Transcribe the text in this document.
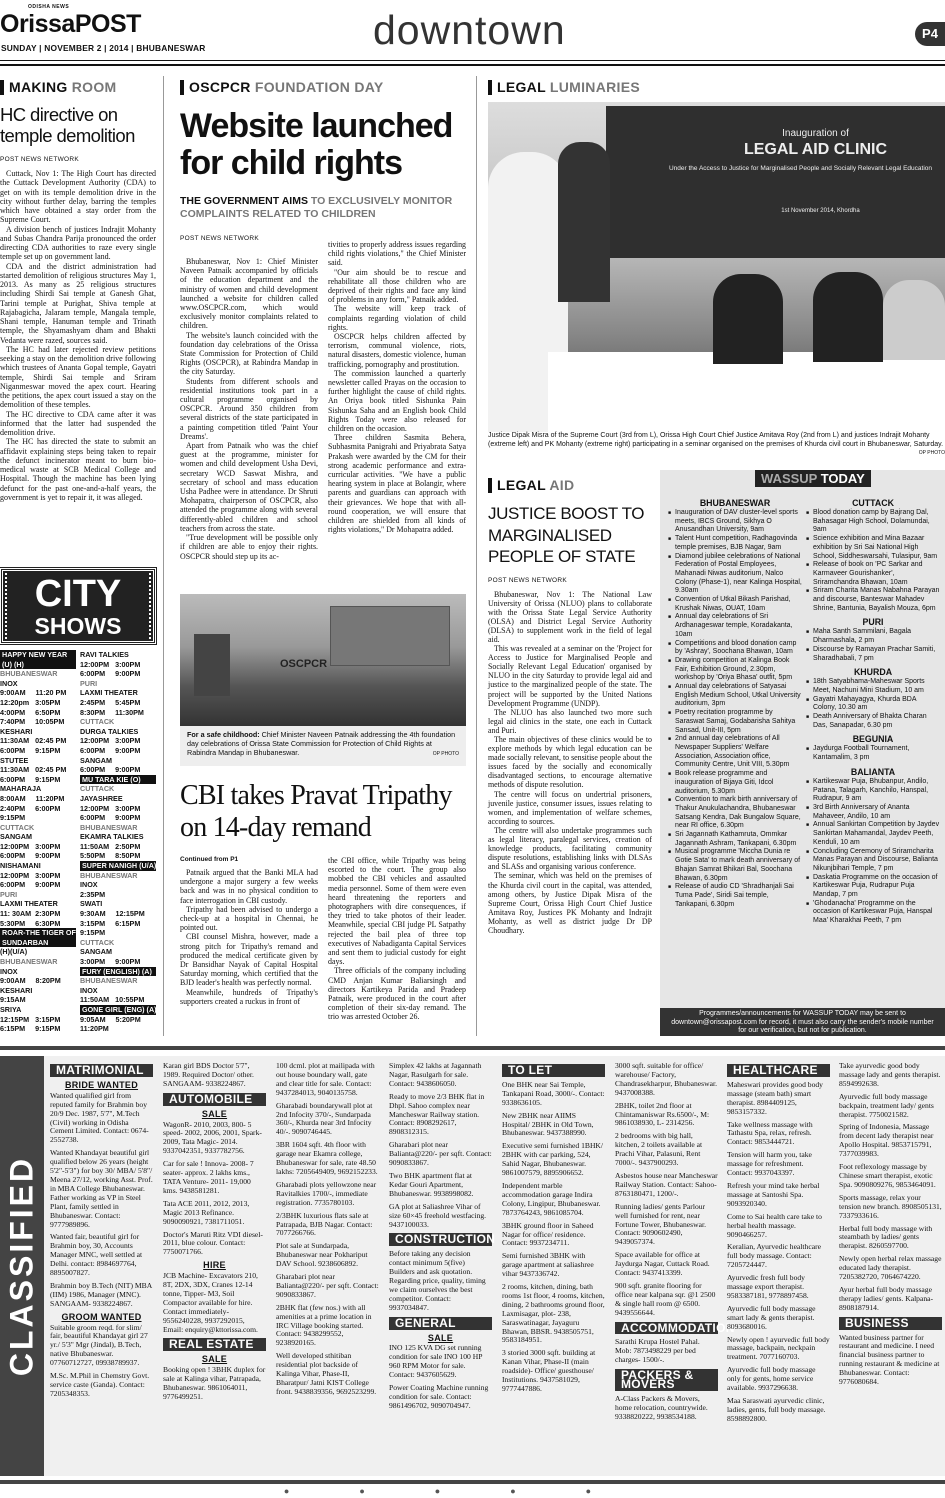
ODISHA NEWS
OrissaPOST
SUNDAY | NOVEMBER 2 | 2014 | BHUBANESWAR	downtown	P4
MAKING ROOM
HC directive on temple demolition
POST NEWS NETWORK

Cuttack, Nov 1: The High Court has directed the Cuttack Development Authority (CDA) to get on with its temple demolition drive in the city without further delay, barring the temples which have obtained a stay order from the Supreme Court.

A division bench of justices Indrajit Mohanty and Subas Chandra Parija pronounced the order directing CDA authorities to raze every single temple set up on government land.

CDA and the district administration had started demolition of religious structures May 1, 2013. As many as 25 religious structures including Shirdi Sai temple at Ganesh Ghat, Tarini temple at Purighat, Shiva temple at Rajabagicha, Jalaram temple, Mangala temple, Shani temple, Hanuman temple and Trinath temple, the Shyamashyam dham and Bhakti Vedanta were razed, sources said.

The HC had later rejected review petitions seeking a stay on the demolition drive following which trustees of Ananta Gopal temple, Gayatri temple, Shirdi Sai temple and Sriram Niganmeswar moved the apex court. Hearing the petitions, the apex court issued a stay on the demolition of these temples.

The HC directive to CDA came after it was informed that the latter had suspended the demolition drive.

The HC has directed the state to submit an affidavit explaining steps being taken to repair the defunct incinerator meant to burn bio-medical waste at SCB Medical College and Hospital. Though the machine has been lying defunct for the past one-and-a-half years, the government is yet to repair it, it was alleged.

CITY
SHOWS
HAPPY NEW YEAR
(U) (H)
BHUBANESWAR
INOX
9:00AM     11:20 PM
12:20pm   3:05PM
4:00PM     6:50PM
7:40PM     10:05PM
KESHARI
11:30AM   02:45 PM
6:00PM     9:15PM
STUTEE
11:30AM   02:45 PM
6:00PM     9:15PM
MAHARAJA
8:00AM     11:20PM
2:40PM     6:00PM
9:15PM
CUTTACK
SANGAM
12:00PM   3:00PM
6:00PM     9:00PM
NISHAMANI
12:00PM   3:00PM
6:00PM     9:00PM
PURI
LAXMI THEATER
11: 30AM  2:30PM
5:30PM     6:30PM
ROAR-THE TIGER OF
SUNDARBAN
(H)(U/A)
BHUBANESWAR
INOX
9:00AM     8:20PM
KESHARI
9:15AM
SRIYA
12:15PM   3:15PM
6:15PM     9:15PM
RAVI TALKIES
12:00PM   3:00PM
6:00PM     9:00PM
PURI
LAXMI THEATER
2:45PM     5:45PM
8:30PM     11:30PM
CUTTACK
DURGA TALKIES
12:00PM   3:00PM
6:00PM     9:00PM
SANGAM
6:00PM     9:00PM
MU TARA KIE (O)
CUTTACK
JAYASHREE
12:00PM   3:00PM
6:00PM     9:00PM
BHUBANESWAR
EKAMRA TALKIES
11:50AM   2:50PM
5:50PM     8:50PM
SUPER NANIGH (U/A)
BHUBANESWAR
INOX
2:35PM
SWATI
9:30AM     12:15PM
3:15PM     6:15PM
9:15PM
CUTTACK
SANGAM
3:00PM     9:00PM
FURY (ENGLISH) (A)
BHUBANESWAR
INOX
11:50AM   10:55PM
GONE GIRL (ENG) (A)
9:05AM     5:20PM
11:20PM
OSCPCR FOUNDATION DAY
Website launched for child rights
THE GOVERNMENT AIMS TO EXCLUSIVELY MONITOR COMPLAINTS RELATED TO CHILDREN
POST NEWS NETWORK

Bhubaneswar, Nov 1: Chief Minister Naveen Patnaik accompanied by officials of the education department and the ministry of women and child development launched a website for children called www.OSCPCR.com, which would exclusively monitor complaints related to children.

The website's launch coincided with the foundation day celebrations of the Orissa State Commission for Protection of Child Rights (OSCPCR), at Rabindra Mandap in the city Saturday.

Students from different schools and residential institutions took part in a cultural programme organised by OSCPCR. Around 350 children from several districts of the state participated in a painting competition titled 'Paint Your Dreams'.

Apart from Patnaik who was the chief guest at the programme, minister for women and child development Usha Devi, secretary WCD Saswat Mishra, and secretary of school and mass education Usha Padhee were in attendance. Dr Shruti Mohapatra, chairperson of OSCPCR, also attended the programme along with several differently-abled children and school teachers from across the state.

"True development will be possible only if children are able to enjoy their rights. OSCPCR should step up its ac-

tivities to properly address issues regarding child rights violations," the Chief Minister said.

"Our aim should be to rescue and rehabilitate all those children who are deprived of their rights and face any kind of problems in any form," Patnaik added.

The website will keep track of complaints regarding violation of child rights.

OSCPCR helps children affected by terrorism, communal violence, riots, natural disasters, domestic violence, human trafficking, pornography and prostitution.

The commission launched a quarterly newsletter called Prayas on the occasion to further highlight the cause of child rights. An Oriya book titled Sishunka Pain Sishunka Saha and an English book Child Rights Today were also released for children on the occasion.

Three children Sasmita Behera, Subhasmita Panigrahi and Priyabrata Satya Prakash were awarded by the CM for their strong academic performance and extra-curricular activities. "We have a public hearing system in place at Bolangir, where parents and guardians can approach with their grievances. We hope that with all-round cooperation, we will ensure that children are shielded from all kinds of rights violations," Dr Mohapatra added.

OSCPCR
For a safe childhood: Chief Minister Naveen Patnaik addressing the 4th foundation day celebrations of Orissa State Commission for Protection of Child Rights at Rabindra Mandap in Bhubaneswar.	OP PHOTO
CBI takes Pravat Tripathy on 14-day remand
Continued from P1

Patnaik argued that the Banki MLA had undergone a major surgery a few weeks back and was in no physical condition to face interrogation in CBI custody.

Tripathy had been advised to undergo a check-up at a hospital in Chennai, he pointed out.

CBI counsel Mishra, however, made a strong pitch for Tripathy's remand and produced the medical certificate given by Dr Bansidhar Nayak of Capital Hospital Saturday morning, which certified that the BJD leader's health was perfectly normal.

Meanwhile, hundreds of Tripathy's supporters created a ruckus in front of

the CBI office, while Tripathy was being escorted to the court. The group also mobbed the CBI vehicles and assaulted media personnel. Some of them were even heard threatening the reporters and photographers with dire consequences, if they tried to take photos of their leader. Meanwhile, special CBI judge PL Satpathy rejected the bail plea of three top executives of Nabadiganta Capital Services and sent them to judicial custody for eight days.

Three officials of the company including CMD Anjan Kumar Baliarsingh and directors Kartikeya Parida and Pradeep Patnaik, were produced in the court after completion of their six-day remand. The trio was arrested October 26.

LEGAL LUMINARIES
Inauguration of
LEGAL AID CLINIC
Under the Access to Justice for Marginalised People and Socially Relevant Legal Education
1st November 2014, Khordha
Justice Dipak Misra of the Supreme Court (3rd from L), Orissa High Court Chief Justice Amitava Roy (2nd from L) and justices Indrajit Mohanty (extreme left) and PK Mohanty (extreme right) participating in a seminar organised on the premises of Khurda civil court in Bhubaneswar, Saturday.
OP PHOTO
LEGAL AID
JUSTICE BOOST TO MARGINALISED PEOPLE OF STATE
POST NEWS NETWORK

Bhubaneswar, Nov 1: The National Law University of Orissa (NLUO) plans to collaborate with the Orissa State Legal Service Authority (OLSA) and District Legal Service Authority (DLSA) to supplement work in the field of legal aid.

This was revealed at a seminar on the 'Project for Access to Justice for Marginalised People and Socially Relevant Legal Education' organised by NLUO in the city Saturday to provide legal aid and justice to the marginalized people of the state. The project will be supported by the United Nations Development Programme (UNDP).

The NLUO has also launched two more such legal aid clinics in the state, one each in Cuttack and Puri.

The main objectives of these clinics would be to explore methods by which legal education can be made socially relevant, to sensitise people about the issues faced by the socially and economically disadvantaged sections, to encourage alternative methods of dispute resolution.

The centre will focus on undertrial prisoners, juvenile justice, consumer issues, issues relating to women, and implementation of welfare schemes, according to sources.

The centre will also undertake programmes such as legal literacy, paralegal services, creation of knowledge products, facilitating community dispute resolutions, establishing links with DLSAs and SLASs and organising various conference.

The seminar, which was held on the premises of the Khurda civil court in the capital, was attended, among others, by Justice Dipak Misra of the Supreme Court, Orissa High Court Chief Justice Amitava Roy, Justices PK Mohanty and Indrajit Mohanty, as well as district judge Dr DP Choudhary.

WASSUP TODAY
BHUBANESWAR
■ Inauguration of DAV cluster-level sports meets, IBCS Ground, Sikhya O Anusandhan University, 9am
■ Talent Hunt competition, Radhagovinda temple premises, BJB Nagar, 9am
■ Diamond jubilee celebrations of National Federation of Postal Employees, Mahanadi Niwas auditorium, Nalco Colony (Phase-1), near Kalinga Hospital, 9.30am
■ Convention of Utkal Bikash Parishad, Krushak Niwas, OUAT, 10am
■ Annual day celebrations of Sri Ardhanageswar temple, Koradakanta, 10am
■ Competitions and blood donation camp by 'Ashray', Soochana Bhawan, 10am
■ Drawing competition at Kalinga Book Fair, Exhibition Ground, 2.30pm, workshop by 'Oriya Bhasa' outfit, 5pm
■ Annual day celebrations of Satyasai English Medium School, Utkal University auditorium, 3pm
■ Poetry recitation programme by Saraswat Samaj, Godabarisha Sahitya Sansad, Unit-III, 5pm
■ 2nd annual day celebrations of All Newspaper Suppliers' Welfare Association, Association office, Community Centre, Unit VIII, 5.30pm
■ Book release programme and inauguration of Bijaya Giti, Idcol auditorium, 5.30pm
■ Convention to mark birth anniversary of Thakur Anukulachandra, Bhubaneswar Satsang Kendra, Dak Bungalow Square, near RI office, 6.30pm
■ Sri Jagannath Kathamruta, Ommkar Jagannath Ashram, Tankapani, 6.30pm
■ Musical programme 'Miccha Dunia re Gotie Sata' to mark death anniversary of Bhajan Samrat Bhikari Bal, Soochana Bhawan, 6.30pm
■ Release of audio CD 'Shradhanjali Sai Tuma Pade', Siridi Sai temple, Tankapani, 6.30pm
CUTTACK
■ Blood donation camp by Bajrang Dal, Bahasagar High School, Dolamundai, 9am
■ Science exhibition and Mina Bazaar exhibition by Sri Sai National High School, Siddheswarsahi, Tulasipur, 9am
■ Release of book on 'PC Sarkar and Karmaveer Gourishanker', Sriramchandra Bhawan, 10am
■ Sriram Charita Manas Nabahna Parayan and discourse, Banteswar Mahadev Shrine, Bantunia, Bayalish Mouza, 6pm
PURI
■ Maha Santh Sammilani, Bagala Dharmashala, 2 pm
■ Discourse by Ramayan Prachar Samiti, Sharadhabali, 7 pm
KHURDA
■ 18th Satyabhama-Maheswar Sports Meet, Nachuni Mini Stadium, 10 am
■ Gayatri Mahayagya, Khurda BDA Colony, 10.30 am
■ Death Anniversary of Bhakta Charan Das, Sanapadar, 6.30 pm
BEGUNIA
■ Jaydurga Football Tournament, Kantamalim, 3 pm
BALIANTA
■ Kartikeswar Puja, Bhubanpur, Andilo, Patana, Talagarh, Kanchilo, Hanspal, Rudrapur, 9 am
■ 3rd Birth Anniversary of Ananta Mahaveer, Andilo, 10 am
■ Annual Sankirtan Competition by Jaydev Sankirtan Mahamandal, Jaydev Peeth, Kenduli, 10 am
■ Concluding Ceremony of Sriramcharita Manas Parayan and Discourse, Balianta Nikunjbihari Temple, 7 pm
■ Daskatia Programme on the occasion of Kartikeswar Puja, Rudrapur Puja Mandap, 7 pm
■ 'Ghodanacha' Programme on the occasion of Kartikeswar Puja, Hanspal Maa' Kharakhai Peeth, 7 pm
Programmes/announcements for WASSUP TODAY may be sent to downtown@orissapost.com for record, it must also carry the sender's mobile number for our verification, but not for publication.
CLASSIFIED
MATRIMONIAL
BRIDE WANTED
Wanted qualified girl from reputed family for Brahmin boy 20/9 Dec. 1987, 5'7", M.Tech (Civil) working in Odisha Cement Limited. Contact: 0674- 2552738.
Wanted Khandayat beautiful girl qualified below 26 years (height 5'2"-5'3") for boy 30/ MBA/ 5'8"/ Meena 27/12, working Asst. Prof. in MBA College Bhubaneswar. Father working as VP in Steel Plant, family settled in Bhubaneswar. Contact: 9777989896.
Wanted fair, beautiful girl for Brahmin boy, 30, Accounts Manager MNC, well settled at Delhi. contact: 8984697764, 8895007827.
Brahmin boy B.Tech (NIT) MBA (IIM) 1986, Manager (MNC). SANGAAM- 9338224867.
GROOM WANTED
Suitable groom reqd. for slim/ fair, beautiful Khandayat girl 27 yr./ 5'3" Mgr (Jindal), B.Tech, native Bhubaneswar. 07760712727, 09938789937.
M.Sc. M.Phil in Chemstry Govt. service caste (Ganda). Contact: 7205348353.
Karan girl BDS Doctor 5'7", 1989. Required Doctor/ other. SANGAAM- 9338224867.
AUTOMOBILE
SALE
WagonR- 2010, 2003, 800- 5 speed- 2002, 2006, 2001, Spark- 2009, Tata Magic- 2014. 9337042351, 9337782756.
Car for sale ! Innova- 2008- 7 seater- approx. 2 lakhs kms., TATA Venture- 2011- 19,000 kms. 9438581281.
Tata ACE 2011, 2012, 2013, Magic 2013 Refinance. 9090090921, 7381711051.
Doctor's Maruti Ritz VDI diesel- 2011, blue colour. Contact: 7750071766.
HIRE
JCB Machine- Excavators 210, 8T, 2DX, 3DX, Cranes 12-14 tonne, Tipper- M3, Soil Compactor available for hire. Contact immediately- 9556240228, 9937292015, Email: enquiry@kttorissa.com.
REAL ESTATE
SALE
Booking open ! 3BHK duplex for sale at Kalinga vihar, Patrapada, Bhubaneswar. 9861064011, 9776499251.
100 dcml. plot at mailipada with out house boundary wall, gate and clear title for sale. Contact: 9437284013, 9040135758.
Gharabadi boundarywall plot at 2nd Infocity 370/-, Sundarpada 360/-, Khurda near 3rd Infocity 40/-. 9090746445.
3BR 1604 sqft. 4th floor with garage near Ekamra college, Bhubaneswar for sale, rate 48.50 lakhs: 7205649409, 9692152233.
Gharabadi plots yellowzone near Ravitalkies 1700/-, immediate registration. 7735780103.
2/3BHK luxurious flats sale at Patrapada, BJB Nagar. Contact: 7077266766.
Plot sale at Sundarpada, Bhubaneswar near Pokhariput DAV School. 9238606892.
Gharabari plot near Balianta@220/- per sqft. Contact: 9090833867.
2BHK flat (few nos.) with all amenities at a prime location in IRC Village booking started. Contact: 9438299552, 9238920165.
Well developed sthitiban residential plot backside of Kalinga Vihar, Phase-II, Bharatpur/ Jatni KIST College front. 9438839356, 9692523299.
Simplex 42 lakhs at Jagannath Nagar, Rasulgarh for sale. Contact: 9438606050.
Ready to move 2/3 BHK flat in Dhpl. Sahoo complex near Mancheswar Railway station. Contact: 8908292617, 8908312315.
Gharabari plot near Balianta@220/- per sqft. Contact: 9090833867.
Two BHK apartment flat at Kedar Gouri Apartment, Bhubaneswar. 9938998082.
GA plot at Saliashree Vihar of size 60×45 freehold westfacing. 9437100033.
CONSTRUCTION
Before taking any decision contact minimum 5(five) Builders and ask quotation. Regarding price, quality, timing we claim ourselves the best competitor. Contact: 9937034847.
GENERAL
SALE
INO 125 KVA DG set running condition for sale INO 100 HP 960 RPM Motor for sale. Contact: 9437605629.
Power Coating Machine running condition for sale. Contact: 9861496702, 9090704947.
TO LET
One BHK near Sai Temple, Tankapani Road, 3000/-. Contact: 9338636105.
New 2BHK near AIIMS Hospital/ 2BHK in Old Town, Bhubaneswar. 9437388990.
Executive semi furnished 1BHK/ 2BHK with car parking, 524, Sahid Nagar, Bhubaneswar. 9861007579, 8895906652.
Independent marble accommodation garage Indira Colony, Lingipur, Bhubaneswar. 7873764243, 9861085704.
3BHK ground floor in Saheed Nagar for office/ residence. Contact: 9937234711.
Semi furnished 3BHK with garage apartment at saliashree vihar 9437336742.
2 rooms, kitchen, dining, bath rooms 1st floor, 4 rooms, kitchen, dining, 2 bathrooms ground floor, Laxmisagar, plot- 238, Saraswatinagar, Jayaguru Bhawan, BBSR. 9438505751, 9583184951.
3 storied 3000 sqft. building at Kanan Vihar, Phase-II (main roadside)- Office/ guesthouse/ Institutions. 9437581029, 9777447886.
3000 sqft. suitable for office/ warehouse/ Factory, Chandrasekharpur, Bhubaneswar. 9437008388.
2BHK, toilet 2nd floor at Chintamaniswar Rs.6500/-, M: 9861038930, L- 2314256.
2 bedrooms with big hall, kitchen, 2 toilets available at Prachi Vihar, Palasuni, Rent 7000/-. 9437900293.
Asbestos house near Mancheswar Railway Station. Contact: Sahoo- 8763180471, 1200/-.
Running ladies/ gents Parlour well furnished for rent, near Fortune Tower, Bhubaneswar. Contact: 9090602490, 9439057374.
Space available for office at Jaydurga Nagar, Cuttack Road. Contact: 9437413399.
900 sqft. granite flooring for office near kalpana sqr. @1 2500 & single hall room @ 6500. 9439556644.
ACCOMMODATION
Sarathi Krupa Hostel Pahal. Mob: 7873498229 per bed charges- 1500/-.
PACKERS & MOVERS
A-Class Packers & Movers, home relocation, countrywide. 9338820222, 9938534188.
HEALTHCARE
Maheswari provides good body massage (steam bath) smart therapist. 8984409125, 9853157332.
Take wellness massage with Tathastu Spa, relax, refresh. Contact: 9853444721.
Tension will harm you, take massage for refreshment. Contact: 9937043397.
Refresh your mind take herbal massage at Santoshi Spa. 9093920340.
Come to Sai health care take to herbal health massage. 9090466257.
Keralian, Ayurvedic healthcare full body massage. Contact: 7205724447.
Ayurvedic fresh full body massage export therapist. 9583387181, 9778897458.
Ayurvedic full body massage smart lady & gents therapist. 8093680016.
Newly open ! ayurvedic full body massage, backpain, neckpain treatment. 7077160703.
Ayurvedic full body massage only for gents, home service available. 9937296638.
Maa Saraswati ayurvedic clinic, ladies, gents, full body massage. 8598892800.
Take ayurvedic good body massage lady and gents therapist. 8594992638.
Ayurvedic full body massage backpain, treatment lady/ gents therapist. 7750021582.
Spring of Indonesia, Massage from decent lady therapist near Apollo Hospital. 9853715791, 7377039983.
Foot reflexology massage by Chinese smart therapist, exotic Spa. 9090809276, 9853464091.
Sports massage, relax your tension new branch. 8908505131, 7337933616.
Herbal full body massage with steambath by ladies/ gents therapist. 8260597700.
Newly open herbal relax massage educated lady therapist. 7205382720, 7064674220.
Ayur herbal full body massage therapy ladies/ gents. Kalpana- 8908187914.
BUSINESS
Wanted business partner for restaurant and medicine. I need financial business partner to running restaurant & medicine at Bhubaneswar. Contact: 9776080684.
●●●●●
